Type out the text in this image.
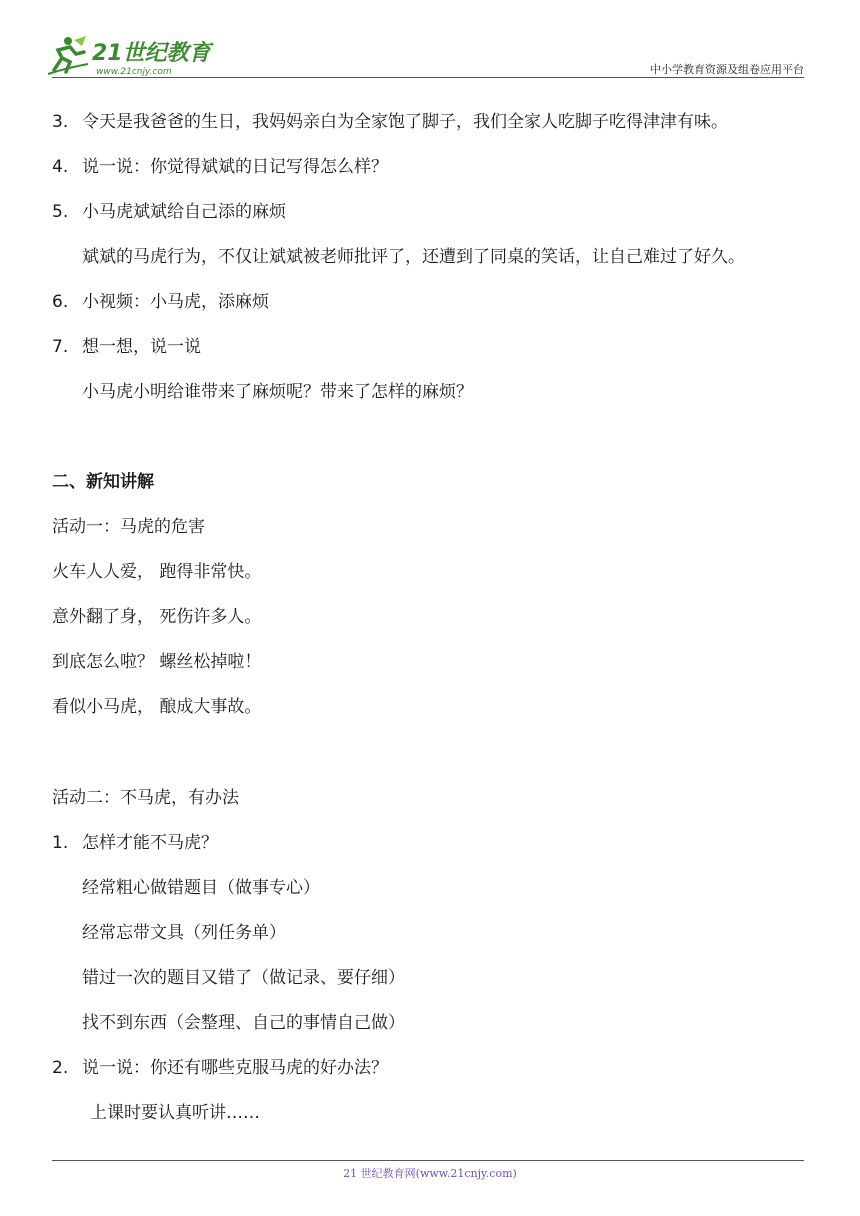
21世纪教育
www.21cnjy.com	中小学教育资源及组卷应用平台
3. 令天是我爸爸的生日，我妈妈亲白为全家饱了脚子，我们全家人吃脚子吃得津津有味。
4. 说一说：你觉得斌斌的日记写得怎么样？
5. 小马虎斌斌给自己添的麻烦
斌斌的马虎行为，不仅让斌斌被老师批评了，还遭到了同桌的笑话，让自己难过了好久。
6. 小视频：小马虎，添麻烦
7. 想一想，说一说
小马虎小明给谁带来了麻烦呢？带来了怎样的麻烦？
二、新知讲解
活动一：马虎的危害
火车人人爱， 跑得非常快。
意外翻了身， 死伤许多人。
到底怎么啦？ 螺丝松掉啦！
看似小马虎， 酿成大事故。
活动二：不马虎，有办法
1. 怎样才能不马虎？
经常粗心做错题目（做事专心）
经常忘带文具（列任务单）
错过一次的题目又错了（做记录、要仔细）
找不到东西（会整理、自己的事情自己做）
2. 说一说：你还有哪些克服马虎的好办法？
上课时要认真听讲……
21 世纪教育网(www.21cnjy.com)
